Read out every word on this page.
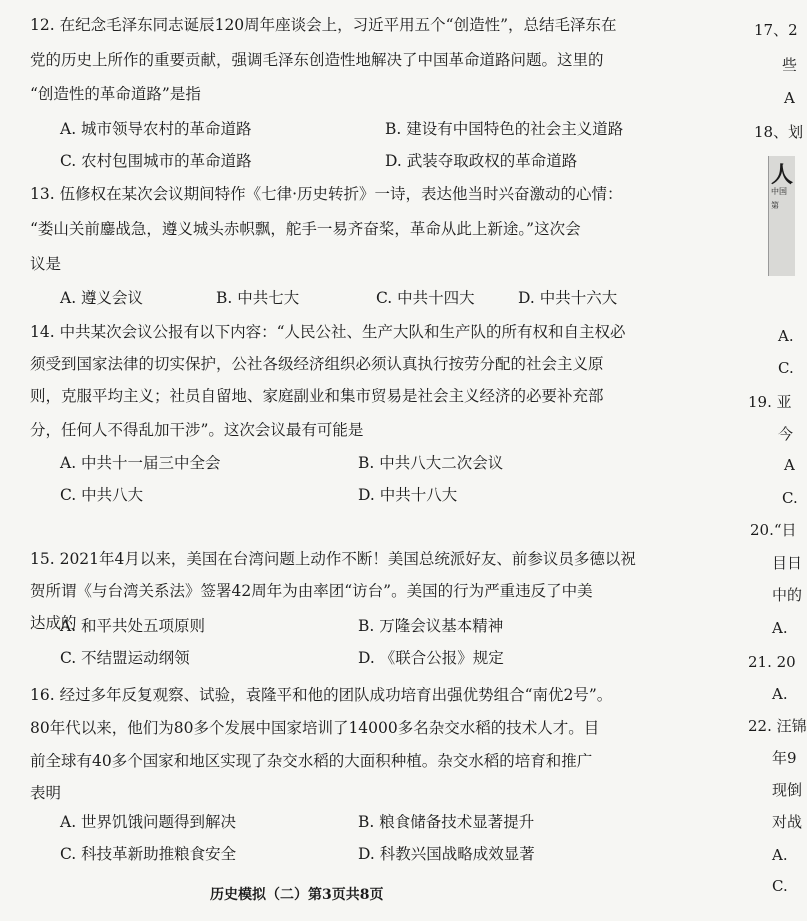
12. 在纪念毛泽东同志诞辰120周年座谈会上，习近平用五个“创造性”，总结毛泽东在
党的历史上所作的重要贡献，强调毛泽东创造性地解决了中国革命道路问题。这里的
“创造性的革命道路”是指
A. 城市领导农村的革命道路	B. 建设有中国特色的社会主义道路
C. 农村包围城市的革命道路	D. 武装夺取政权的革命道路
13. 伍修权在某次会议期间特作《七律·历史转折》一诗，表达他当时兴奋激动的心情：
“娄山关前鏖战急，遵义城头赤帜飘，舵手一易齐奋桨，革命从此上新途。”这次会
议是
A. 遵义会议	B. 中共七大	C. 中共十四大	D. 中共十六大
14. 中共某次会议公报有以下内容：“人民公社、生产大队和生产队的所有权和自主权必
须受到国家法律的切实保护，公社各级经济组织必须认真执行按劳分配的社会主义原
则，克服平均主义；社员自留地、家庭副业和集市贸易是社会主义经济的必要补充部
分，任何人不得乱加干涉”。这次会议最有可能是
A. 中共十一届三中全会	B. 中共八大二次会议
C. 中共八大	D. 中共十八大
15. 2021年4月以来，美国在台湾问题上动作不断！美国总统派好友、前参议员多德以祝
贺所谓《与台湾关系法》签署42周年为由率团“访台”。美国的行为严重违反了中美
达成的
A. 和平共处五项原则	B. 万隆会议基本精神
C. 不结盟运动纲领	D. 《联合公报》规定
16. 经过多年反复观察、试验，袁隆平和他的团队成功培育出强优势组合“南优2号”。
80年代以来，他们为80多个发展中国家培训了14000多名杂交水稻的技术人才。目
前全球有40多个国家和地区实现了杂交水稻的大面积种植。杂交水稻的培育和推广
表明
A. 世界饥饿问题得到解决	B. 粮食储备技术显著提升
C. 科技革新助推粮食安全	D. 科教兴国战略成效显著
历史模拟（二）第3页共8页
17、2
些
A
18、划
人
中国
第
A.
C.
19. 亚
今
A
C.
20.“日
目日
中的
A.
21. 20
A.
22. 汪锦
年9
现倒
对战
A.
C.
